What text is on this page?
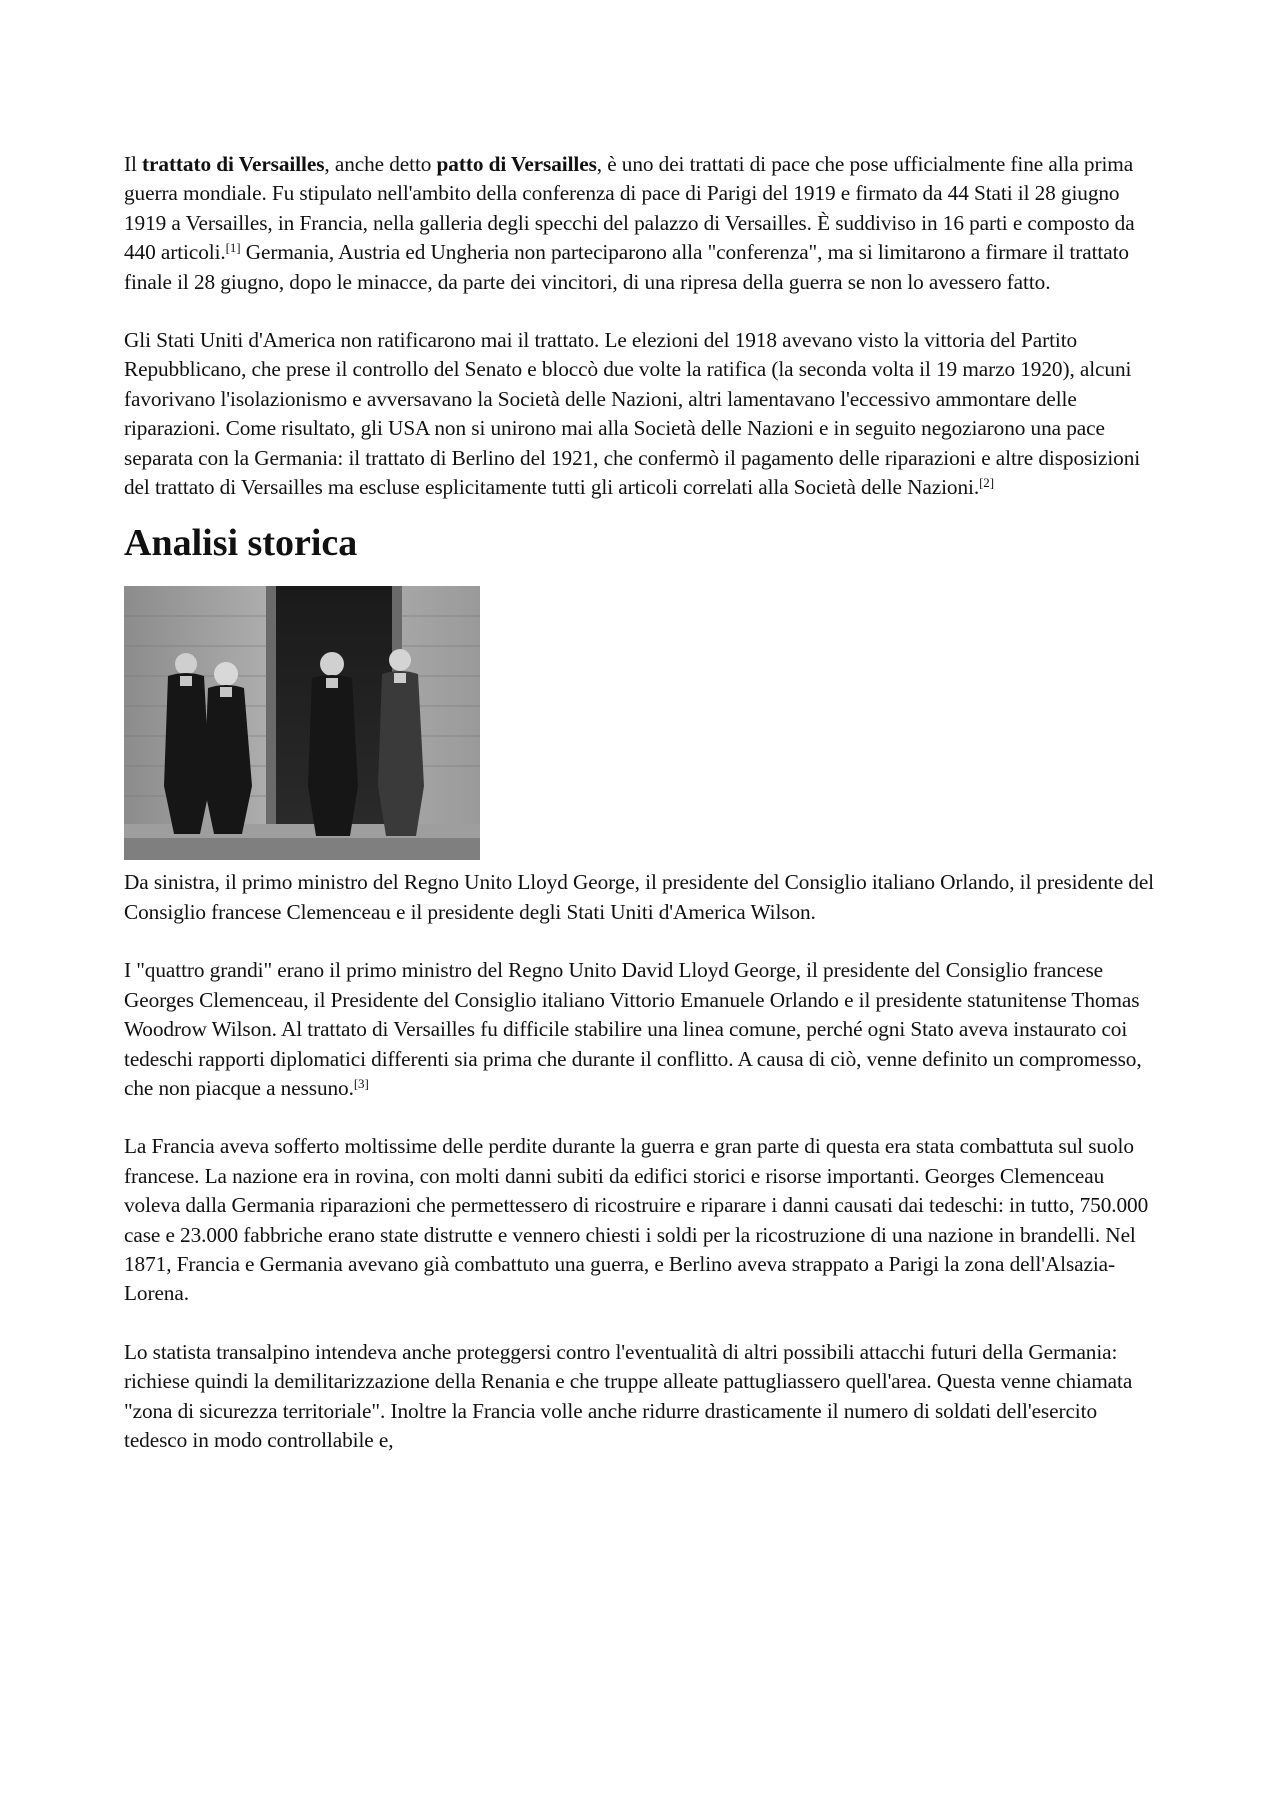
Il trattato di Versailles, anche detto patto di Versailles, è uno dei trattati di pace che pose ufficialmente fine alla prima guerra mondiale. Fu stipulato nell'ambito della conferenza di pace di Parigi del 1919 e firmato da 44 Stati il 28 giugno 1919 a Versailles, in Francia, nella galleria degli specchi del palazzo di Versailles. È suddiviso in 16 parti e composto da 440 articoli.[1] Germania, Austria ed Ungheria non parteciparono alla "conferenza", ma si limitarono a firmare il trattato finale il 28 giugno, dopo le minacce, da parte dei vincitori, di una ripresa della guerra se non lo avessero fatto.

Gli Stati Uniti d'America non ratificarono mai il trattato. Le elezioni del 1918 avevano visto la vittoria del Partito Repubblicano, che prese il controllo del Senato e bloccò due volte la ratifica (la seconda volta il 19 marzo 1920), alcuni favorivano l'isolazionismo e avversavano la Società delle Nazioni, altri lamentavano l'eccessivo ammontare delle riparazioni. Come risultato, gli USA non si unirono mai alla Società delle Nazioni e in seguito negoziarono una pace separata con la Germania: il trattato di Berlino del 1921, che confermò il pagamento delle riparazioni e altre disposizioni del trattato di Versailles ma escluse esplicitamente tutti gli articoli correlati alla Società delle Nazioni.[2]

Analisi storica

Da sinistra, il primo ministro del Regno Unito Lloyd George, il presidente del Consiglio italiano Orlando, il presidente del Consiglio francese Clemenceau e il presidente degli Stati Uniti d'America Wilson.

I "quattro grandi" erano il primo ministro del Regno Unito David Lloyd George, il presidente del Consiglio francese Georges Clemenceau, il Presidente del Consiglio italiano Vittorio Emanuele Orlando e il presidente statunitense Thomas Woodrow Wilson. Al trattato di Versailles fu difficile stabilire una linea comune, perché ogni Stato aveva instaurato coi tedeschi rapporti diplomatici differenti sia prima che durante il conflitto. A causa di ciò, venne definito un compromesso, che non piacque a nessuno.[3]

La Francia aveva sofferto moltissime delle perdite durante la guerra e gran parte di questa era stata combattuta sul suolo francese. La nazione era in rovina, con molti danni subiti da edifici storici e risorse importanti. Georges Clemenceau voleva dalla Germania riparazioni che permettessero di ricostruire e riparare i danni causati dai tedeschi: in tutto, 750.000 case e 23.000 fabbriche erano state distrutte e vennero chiesti i soldi per la ricostruzione di una nazione in brandelli. Nel 1871, Francia e Germania avevano già combattuto una guerra, e Berlino aveva strappato a Parigi la zona dell'Alsazia-Lorena.

Lo statista transalpino intendeva anche proteggersi contro l'eventualità di altri possibili attacchi futuri della Germania: richiese quindi la demilitarizzazione della Renania e che truppe alleate pattugliassero quell'area. Questa venne chiamata "zona di sicurezza territoriale". Inoltre la Francia volle anche ridurre drasticamente il numero di soldati dell'esercito tedesco in modo controllabile e,
